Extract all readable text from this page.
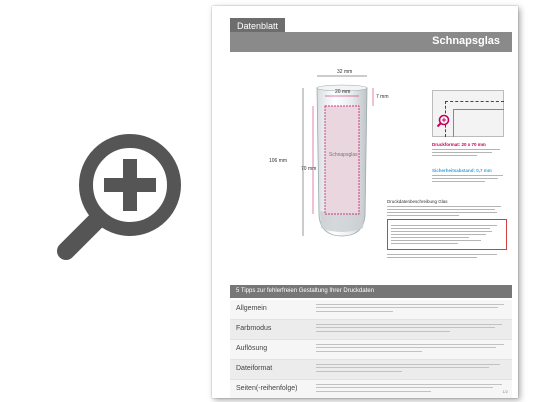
Datenblatt
Schnapsglas
32 mm
20 mm
7 mm
106 mm
70 mm
Schnapsglas
Druckformat: 20 x 70 mm
Sicherheitsabstand: 0,7 mm
Druckdatenbeschreibung Glas
5 Tipps zur fehlerfreien Gestaltung Ihrer Druckdaten
Allgemein
Farbmodus
Auflösung
Dateiformat
Seiten(-reihenfolge)	1/2
